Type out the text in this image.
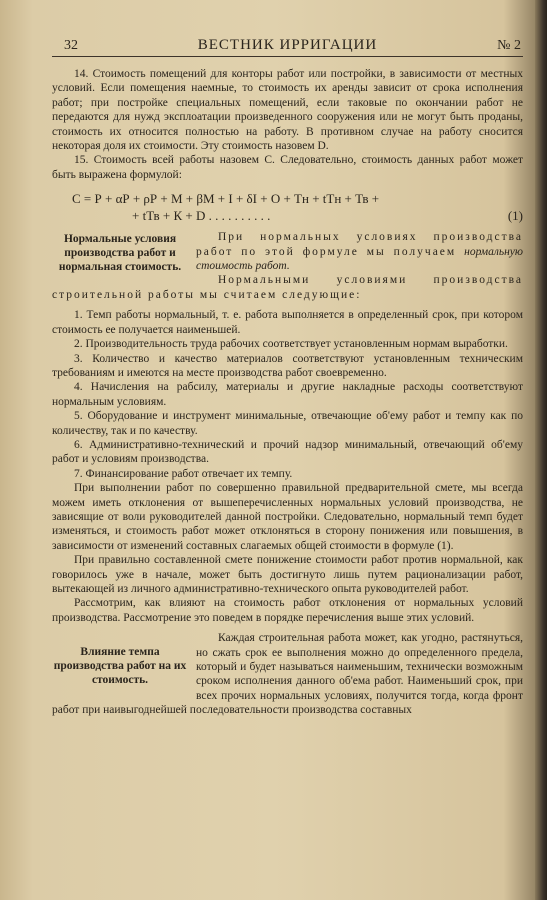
32	ВЕСТНИК ИРРИГАЦИИ	№ 2

14. Стоимость помещений для конторы работ или постройки, в зависимости от местных условий. Если помещения наемные, то стоимость их аренды зависит от срока исполнения работ; при постройке специальных помещений, если таковые по окончании работ не передаются для нужд эксплоатации произведенного сооружения или не могут быть проданы, стоимость их относится полностью на работу. В противном случае на работу сносится некоторая доля их стоимости. Эту стоимость назовем D.

15. Стоимость всей работы назовем С. Следовательно, стоимость данных работ может быть выражена формулой:

С = Р + αР + ρР + М + βМ + I + δI + О + Тн + tТн + Тв +
+ tТв + К + D . . . . . . . . . .	(1)
Нормальные условия производства работ и нормальная стоимость.

При нормальных условиях производства работ по этой формуле мы получаем нормальную стоимость работ.

Нормальными условиями производства строительной работы мы считаем следующие:

1. Темп работы нормальный, т. е. работа выполняется в определенный срок, при котором стоимость ее получается наименьшей.

2. Производительность труда рабочих соответствует установленным нормам выработки.

3. Количество и качество материалов соответствуют установленным техническим требованиям и имеются на месте производства работ своевременно.

4. Начисления на рабсилу, материалы и другие накладные расходы соответствуют нормальным условиям.

5. Оборудование и инструмент минимальные, отвечающие об'ему работ и темпу как по количеству, так и по качеству.

6. Административно-технический и прочий надзор минимальный, отвечающий об'ему работ и условиям производства.

7. Финансирование работ отвечает их темпу.

При выполнении работ по совершенно правильной предварительной смете, мы всегда можем иметь отклонения от вышеперечисленных нормальных условий производства, не зависящие от воли руководителей данной постройки. Следовательно, нормальный темп будет изменяться, и стоимость работ может отклоняться в сторону понижения или повышения, в зависимости от изменений составных слагаемых общей стоимости в формуле (1).

При правильно составленной смете понижение стоимости работ против нормальной, как говорилось уже в начале, может быть достигнуто лишь путем рационализации работ, вытекающей из личного административно-технического опыта руководителей работ.

Рассмотрим, как влияют на стоимость работ отклонения от нормальных условий производства. Рассмотрение это поведем в порядке перечисления выше этих условий.

Влияние темпа производства работ на их стоимость.

Каждая строительная работа может, как угодно, растянуться, но сжать срок ее выполнения можно до определенного предела, который и будет называться наименьшим, технически возможным сроком исполнения данного об'ема работ. Наименьший срок, при всех прочих нормальных условиях, получится тогда, когда фронт работ при наивыгоднейшей последовательности производства составных
